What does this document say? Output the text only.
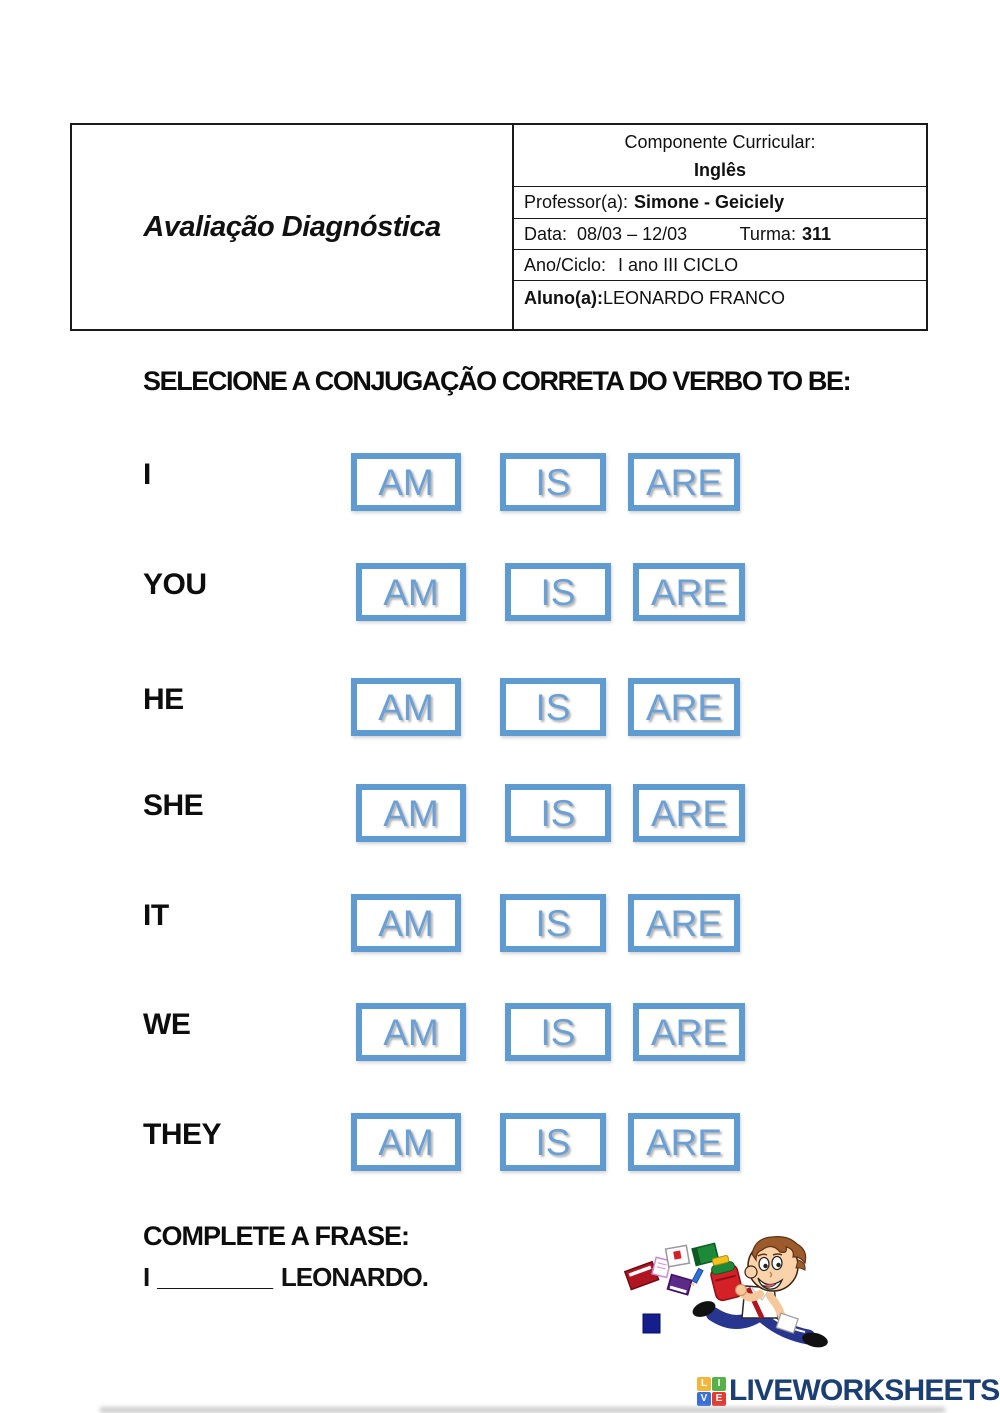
Avaliação Diagnóstica
Componente Curricular:
Inglês
Professor(a): Simone - Geiciely
Data:  08/03 – 12/03	Turma: 311
Ano/Ciclo: I ano III CICLO
Aluno(a): LEONARDO FRANCO
SELECIONE A CONJUGAÇÃO CORRETA DO VERBO TO BE:
I	AM	IS	ARE
YOU	AM	IS	ARE
HE	AM	IS	ARE
SHE	AM	IS	ARE
IT	AM	IS	ARE
WE	AM	IS	ARE
THEY	AM	IS	ARE
COMPLETE A FRASE:
I ________ LEONARDO.
L	I
V E LIVEWORKSHEETS
